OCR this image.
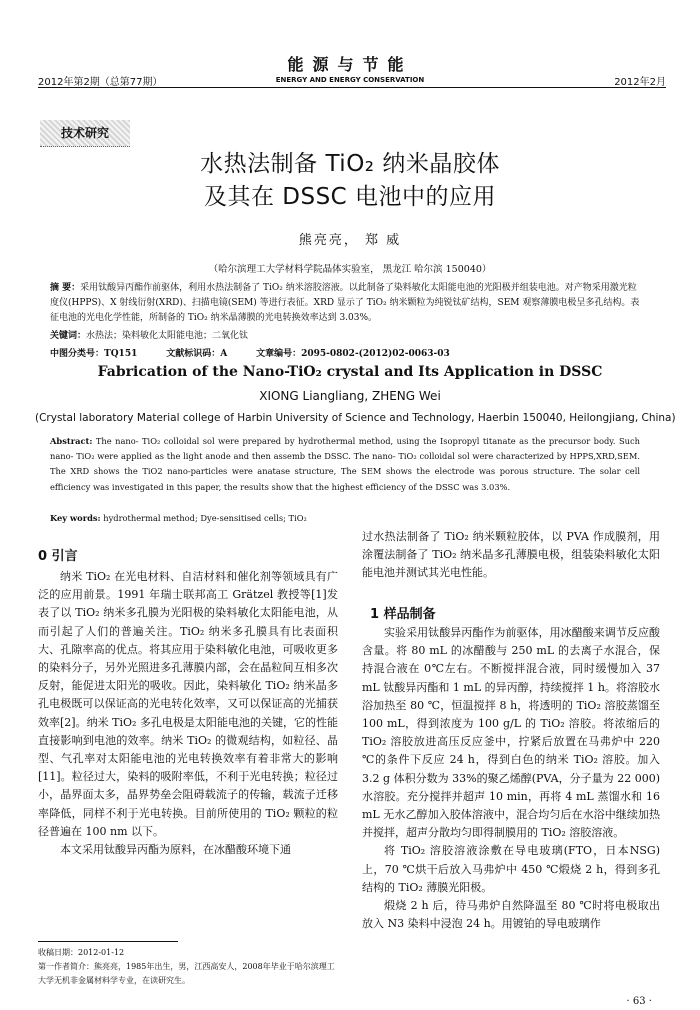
2012年第2期（总第77期）
能源与节能
ENERGY AND ENERGY CONSERVATION	2012年2月
技术研究
水热法制备 TiO₂ 纳米晶胶体
及其在 DSSC 电池中的应用
熊亮亮， 郑 威
（哈尔滨理工大学材料学院晶体实验室， 黑龙江 哈尔滨 150040）
摘 要：采用钛酸异丙酯作前驱体，利用水热法制备了 TiO₂ 纳米溶胶溶液。以此制备了染料敏化太阳能电池的光阳极并组装电池。对产物采用激光粒度仪(HPPS)、X 射线衍射(XRD)、扫描电镜(SEM) 等进行表征。XRD 显示了 TiO₂ 纳米颗粒为纯锐钛矿结构，SEM 观察薄膜电极呈多孔结构。表征电池的光电化学性能，所制备的 TiO₂ 纳米晶薄膜的光电转换效率达到 3.03%。
关键词：水热法；染料敏化太阳能电池；二氧化钛
中图分类号：TQ151	文献标识码：A	文章编号：2095-0802-(2012)02-0063-03
Fabrication of the Nano-TiO₂ crystal and Its Application in DSSC
XIONG Liangliang, ZHENG Wei
(Crystal laboratory Material college of Harbin University of Science and Technology, Haerbin 150040, Heilongjiang, China)
Abstract: The nano- TiO₂ colloidal sol were prepared by hydrothermal method, using the Isopropyl titanate as the precursor body. Such nano- TiO₂ were applied as the light anode and then assemb the DSSC. The nano- TiO₂ colloidal sol were characterized by HPPS,XRD,SEM. The XRD shows the TiO2 nano-particles were anatase structure, The SEM shows the electrode was porous structure. The solar cell efficiency was investigated in this paper, the results show that the highest efficiency of the DSSC was 3.03%.
Key words: hydrothermal method; Dye-sensitised cells; TiO₂
0 引言

纳米 TiO₂ 在光电材料、自洁材料和催化剂等领域具有广泛的应用前景。1991 年瑞士联邦高工 Grätzel 教授等[1]发表了以 TiO₂ 纳米多孔膜为光阳极的染料敏化太阳能电池，从而引起了人们的普遍关注。TiO₂ 纳米多孔膜具有比表面积大、孔隙率高的优点。将其应用于染料敏化电池，可吸收更多的染料分子，另外光照进多孔薄膜内部，会在晶粒间互相多次反射，能促进太阳光的吸收。因此，染料敏化 TiO₂ 纳米晶多孔电极既可以保证高的光电转化效率，又可以保证高的光捕获效率[2]。纳米 TiO₂ 多孔电极是太阳能电池的关键，它的性能直接影响到电池的效率。纳米 TiO₂ 的微观结构，如粒径、晶型、气孔率对太阳能电池的光电转换效率有着非常大的影响[11]。粒径过大，染料的吸附率低，不利于光电转换；粒径过小，晶界面太多，晶界势垒会阻碍载流子的传输，载流子迁移率降低，同样不利于光电转换。目前所使用的 TiO₂ 颗粒的粒径普遍在 100 nm 以下。

本文采用钛酸异丙酯为原料，在冰醋酸环境下通

收稿日期：2012-01-12
第一作者简介：熊亮亮，1985年出生，男，江西高安人，2008年毕业于哈尔滨理工大学无机非金属材料学专业，在读研究生。
过水热法制备了 TiO₂ 纳米颗粒胶体，以 PVA 作成膜剂，用涂覆法制备了 TiO₂ 纳米晶多孔薄膜电极，组装染料敏化太阳能电池并测试其光电性能。
1 样品制备

实验采用钛酸异丙酯作为前驱体，用冰醋酸来调节反应酸含量。将 80 mL 的冰醋酸与 250 mL 的去离子水混合，保持混合液在 0℃左右。不断搅拌混合液，同时缓慢加入 37 mL 钛酸异丙酯和 1 mL 的异丙醇，持续搅拌 1 h。将溶胶水浴加热至 80 ℃，恒温搅拌 8 h，将透明的 TiO₂ 溶胶蒸馏至 100 mL，得到浓度为 100 g/L 的 TiO₂ 溶胶。将浓缩后的 TiO₂ 溶胶放进高压反应釜中，拧紧后放置在马弗炉中 220 ℃的条件下反应 24 h，得到白色的纳米 TiO₂ 溶胶。加入 3.2 g 体积分数为 33%的聚乙烯醇(PVA，分子量为 22 000)水溶胶。充分搅拌并超声 10 min，再将 4 mL 蒸馏水和 16 mL 无水乙醇加入胶体溶液中，混合均匀后在水浴中继续加热并搅拌，超声分散均匀即得制膜用的 TiO₂ 溶胶溶液。

将 TiO₂ 溶胶溶液涂敷在导电玻璃(FTO，日本NSG)上，70 ℃烘干后放入马弗炉中 450 ℃煅烧 2 h，得到多孔结构的 TiO₂ 薄膜光阳极。

煅烧 2 h 后，待马弗炉自然降温至 80 ℃时将电极取出放入 N3 染料中浸泡 24 h。用镀铂的导电玻璃作

· 63 ·
